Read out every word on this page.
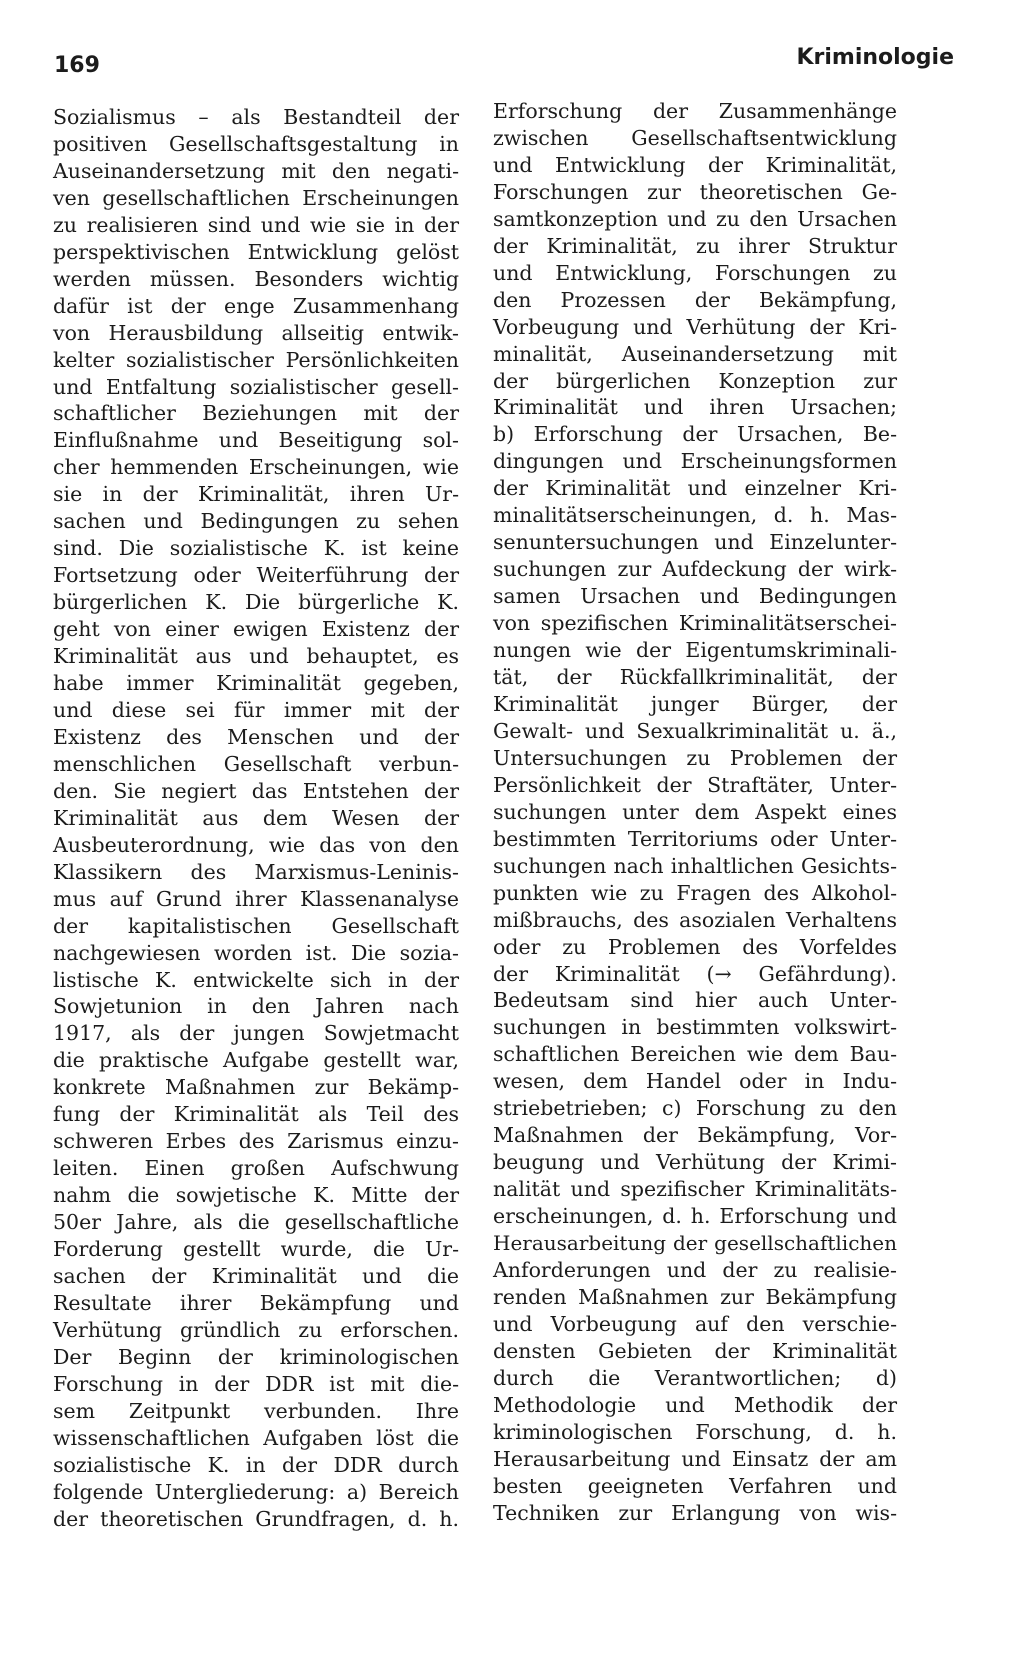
169	Kriminologie
Sozialismus – als Bestandteil der
positiven Gesellschaftsgestaltung in
Auseinandersetzung mit den negati-
ven gesellschaftlichen Erscheinungen
zu realisieren sind und wie sie in der
perspektivischen Entwicklung gelöst
werden müssen. Besonders wichtig
dafür ist der enge Zusammenhang
von Herausbildung allseitig entwik-
kelter sozialistischer Persönlichkeiten
und Entfaltung sozialistischer gesell-
schaftlicher Beziehungen mit der
Einflußnahme und Beseitigung sol-
cher hemmenden Erscheinungen, wie
sie in der Kriminalität, ihren Ur-
sachen und Bedingungen zu sehen
sind. Die sozialistische K. ist keine
Fortsetzung oder Weiterführung der
bürgerlichen K. Die bürgerliche K.
geht von einer ewigen Existenz der
Kriminalität aus und behauptet, es
habe immer Kriminalität gegeben,
und diese sei für immer mit der
Existenz des Menschen und der
menschlichen Gesellschaft verbun-
den. Sie negiert das Entstehen der
Kriminalität aus dem Wesen der
Ausbeuterordnung, wie das von den
Klassikern des Marxismus-Leninis-
mus auf Grund ihrer Klassenanalyse
der kapitalistischen Gesellschaft
nachgewiesen worden ist. Die sozia-
listische K. entwickelte sich in der
Sowjetunion in den Jahren nach
1917, als der jungen Sowjetmacht
die praktische Aufgabe gestellt war,
konkrete Maßnahmen zur Bekämp-
fung der Kriminalität als Teil des
schweren Erbes des Zarismus einzu-
leiten. Einen großen Aufschwung
nahm die sowjetische K. Mitte der
50er Jahre, als die gesellschaftliche
Forderung gestellt wurde, die Ur-
sachen der Kriminalität und die
Resultate ihrer Bekämpfung und
Verhütung gründlich zu erforschen.
Der Beginn der kriminologischen
Forschung in der DDR ist mit die-
sem Zeitpunkt verbunden. Ihre
wissenschaftlichen Aufgaben löst die
sozialistische K. in der DDR durch
folgende Untergliederung: a) Bereich
der theoretischen Grundfragen, d. h.
Erforschung der Zusammenhänge
zwischen Gesellschaftsentwicklung
und Entwicklung der Kriminalität,
Forschungen zur theoretischen Ge-
samtkonzeption und zu den Ursachen
der Kriminalität, zu ihrer Struktur
und Entwicklung, Forschungen zu
den Prozessen der Bekämpfung,
Vorbeugung und Verhütung der Kri-
minalität, Auseinandersetzung mit
der bürgerlichen Konzeption zur
Kriminalität und ihren Ursachen;
b) Erforschung der Ursachen, Be-
dingungen und Erscheinungsformen
der Kriminalität und einzelner Kri-
minalitätserscheinungen, d. h. Mas-
senuntersuchungen und Einzelunter-
suchungen zur Aufdeckung der wirk-
samen Ursachen und Bedingungen
von spezifischen Kriminalitätserschei-
nungen wie der Eigentumskriminali-
tät, der Rückfallkriminalität, der
Kriminalität junger Bürger, der
Gewalt- und Sexualkriminalität u. ä.,
Untersuchungen zu Problemen der
Persönlichkeit der Straftäter, Unter-
suchungen unter dem Aspekt eines
bestimmten Territoriums oder Unter-
suchungen nach inhaltlichen Gesichts-
punkten wie zu Fragen des Alkohol-
mißbrauchs, des asozialen Verhaltens
oder zu Problemen des Vorfeldes
der Kriminalität (→ Gefährdung).
Bedeutsam sind hier auch Unter-
suchungen in bestimmten volkswirt-
schaftlichen Bereichen wie dem Bau-
wesen, dem Handel oder in Indu-
striebetrieben; c) Forschung zu den
Maßnahmen der Bekämpfung, Vor-
beugung und Verhütung der Krimi-
nalität und spezifischer Kriminalitäts-
erscheinungen, d. h. Erforschung und
Herausarbeitung der gesellschaftlichen
Anforderungen und der zu realisie-
renden Maßnahmen zur Bekämpfung
und Vorbeugung auf den verschie-
densten Gebieten der Kriminalität
durch die Verantwortlichen; d)
Methodologie und Methodik der
kriminologischen Forschung, d. h.
Herausarbeitung und Einsatz der am
besten geeigneten Verfahren und
Techniken zur Erlangung von wis-
